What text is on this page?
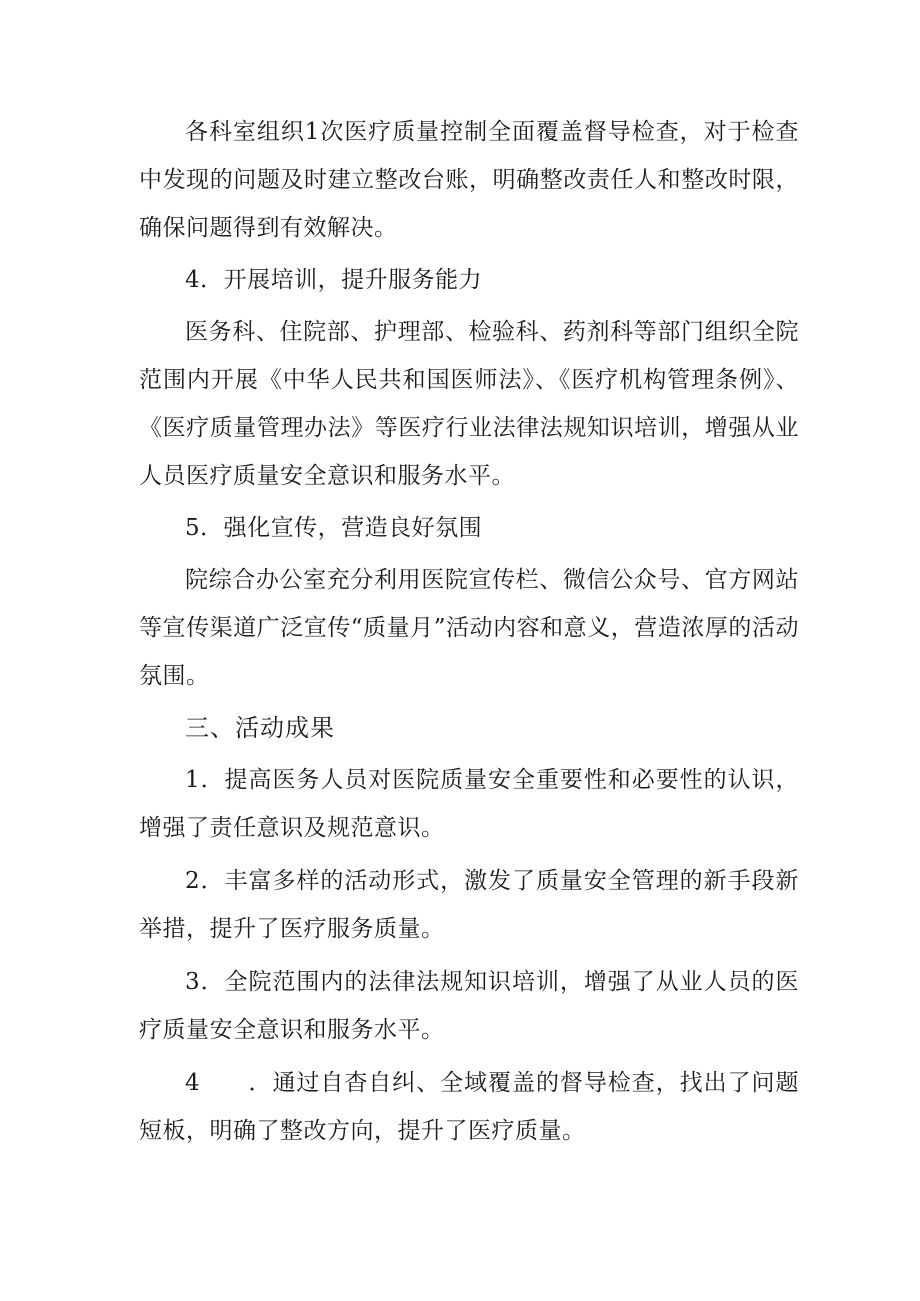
各科室组织1次医疗质量控制全面覆盖督导检查，对于检查中发现的问题及时建立整改台账，明确整改责任人和整改时限，确保问题得到有效解决。

4．开展培训，提升服务能力

医务科、住院部、护理部、检验科、药剂科等部门组织全院范围内开展《中华人民共和国医师法》、《医疗机构管理条例》、《医疗质量管理办法》等医疗行业法律法规知识培训，增强从业人员医疗质量安全意识和服务水平。

5．强化宣传，营造良好氛围

院综合办公室充分利用医院宣传栏、微信公众号、官方网站等宣传渠道广泛宣传“质量月”活动内容和意义，营造浓厚的活动氛围。

三、活动成果

1．提高医务人员对医院质量安全重要性和必要性的认识，增强了责任意识及规范意识。

2．丰富多样的活动形式，激发了质量安全管理的新手段新举措，提升了医疗服务质量。

3．全院范围内的法律法规知识培训，增强了从业人员的医疗质量安全意识和服务水平。

4　　．通过自杳自纠、全域覆盖的督导检查，找出了问题短板，明确了整改方向，提升了医疗质量。
